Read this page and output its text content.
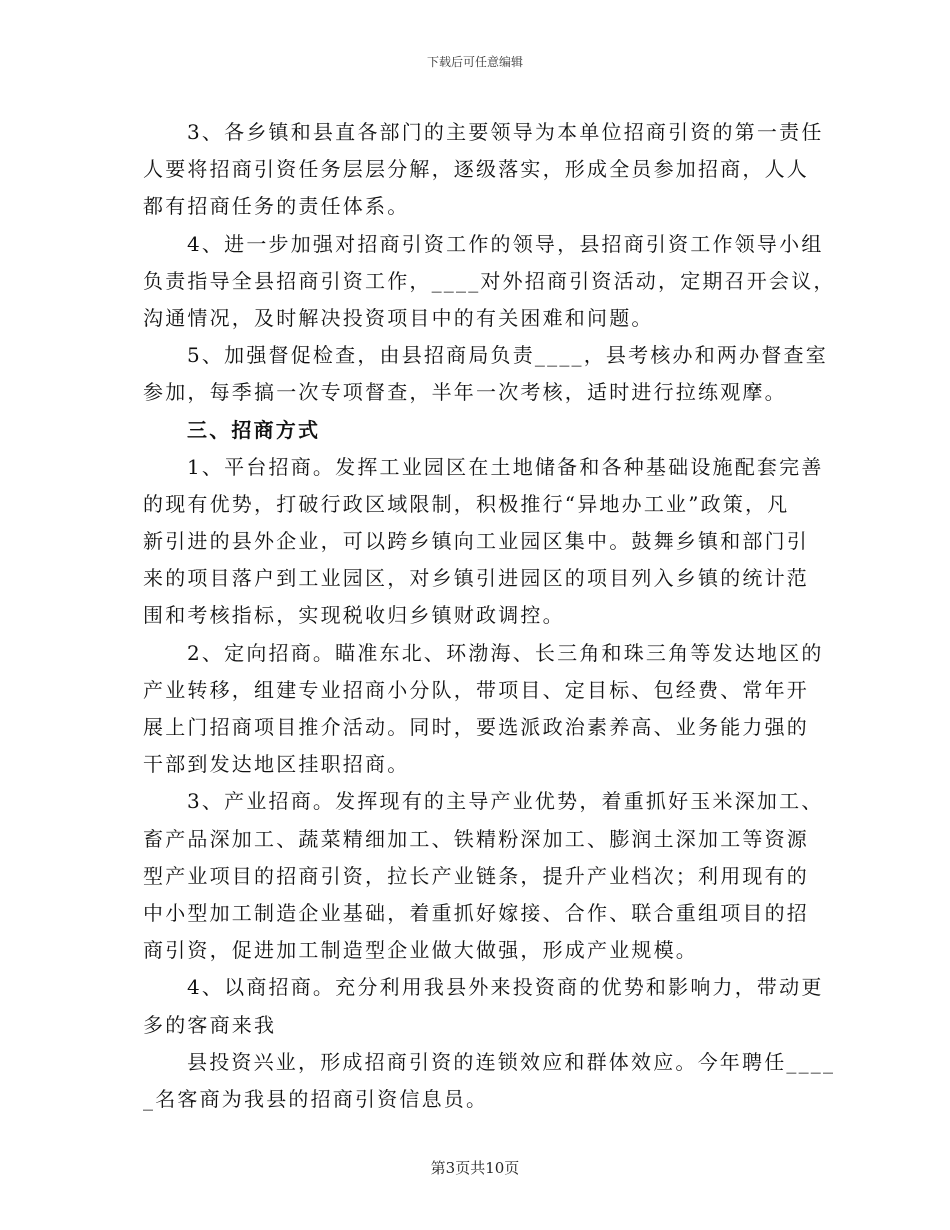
下载后可任意编辑
3、各乡镇和县直各部门的主要领导为本单位招商引资的第一责任
人要将招商引资任务层层分解，逐级落实，形成全员参加招商，人人
都有招商任务的责任体系。
4、进一步加强对招商引资工作的领导，县招商引资工作领导小组
负责指导全县招商引资工作，____对外招商引资活动，定期召开会议，
沟通情况，及时解决投资项目中的有关困难和问题。
5、加强督促检查，由县招商局负责____，县考核办和两办督查室
参加，每季搞一次专项督查，半年一次考核，适时进行拉练观摩。
三、招商方式
1、平台招商。发挥工业园区在土地储备和各种基础设施配套完善
的现有优势，打破行政区域限制，积极推行“异地办工业”政策，凡
新引进的县外企业，可以跨乡镇向工业园区集中。鼓舞乡镇和部门引
来的项目落户到工业园区，对乡镇引进园区的项目列入乡镇的统计范
围和考核指标，实现税收归乡镇财政调控。
2、定向招商。瞄准东北、环渤海、长三角和珠三角等发达地区的
产业转移，组建专业招商小分队，带项目、定目标、包经费、常年开
展上门招商项目推介活动。同时，要选派政治素养高、业务能力强的
干部到发达地区挂职招商。
3、产业招商。发挥现有的主导产业优势，着重抓好玉米深加工、
畜产品深加工、蔬菜精细加工、铁精粉深加工、膨润土深加工等资源
型产业项目的招商引资，拉长产业链条，提升产业档次；利用现有的
中小型加工制造企业基础，着重抓好嫁接、合作、联合重组项目的招
商引资，促进加工制造型企业做大做强，形成产业规模。
4、以商招商。充分利用我县外来投资商的优势和影响力，带动更
多的客商来我
县投资兴业，形成招商引资的连锁效应和群体效应。今年聘任____
_名客商为我县的招商引资信息员。
第3页共10页
